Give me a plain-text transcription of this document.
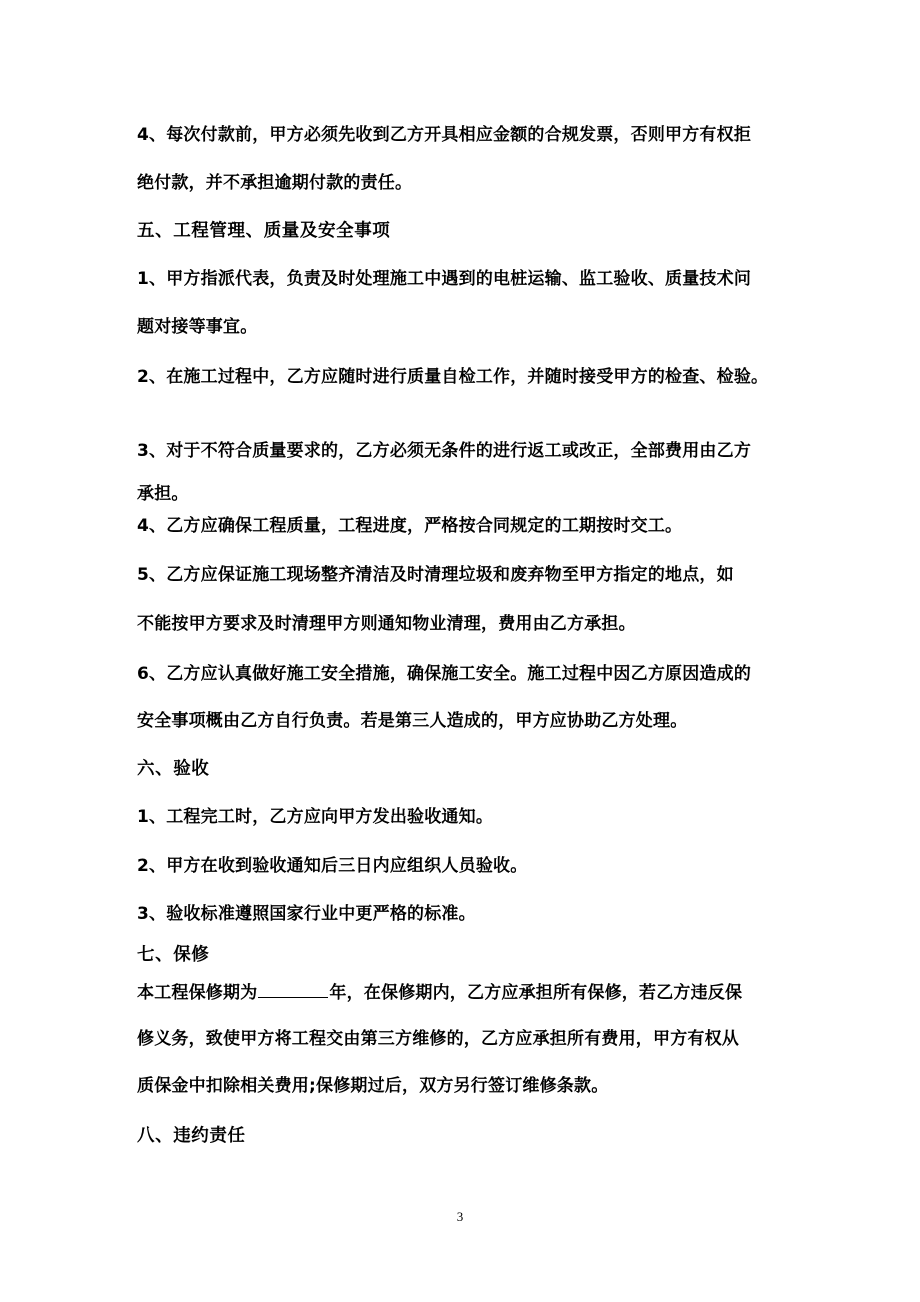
4、每次付款前，甲方必须先收到乙方开具相应金额的合规发票，否则甲方有权拒
绝付款，并不承担逾期付款的责任。
五、工程管理、质量及安全事项
1、甲方指派代表，负责及时处理施工中遇到的电桩运输、监工验收、质量技术问
题对接等事宜。
2、在施工过程中，乙方应随时进行质量自检工作，并随时接受甲方的检查、检验。
3、对于不符合质量要求的，乙方必须无条件的进行返工或改正，全部费用由乙方
承担。
4、乙方应确保工程质量，工程进度，严格按合同规定的工期按时交工。
5、乙方应保证施工现场整齐清洁及时清理垃圾和废弃物至甲方指定的地点，如
不能按甲方要求及时清理甲方则通知物业清理，费用由乙方承担。
6、乙方应认真做好施工安全措施，确保施工安全。施工过程中因乙方原因造成的
安全事项概由乙方自行负责。若是第三人造成的，甲方应协助乙方处理。
六、验收
1、工程完工时，乙方应向甲方发出验收通知。
2、甲方在收到验收通知后三日内应组织人员验收。
3、验收标准遵照国家行业中更严格的标准。
七、保修
本工程保修期为	年，在保修期内，乙方应承担所有保修，若乙方违反保
修义务，致使甲方将工程交由第三方维修的，乙方应承担所有费用，甲方有权从
质保金中扣除相关费用;保修期过后，双方另行签订维修条款。
八、违约责任
3
